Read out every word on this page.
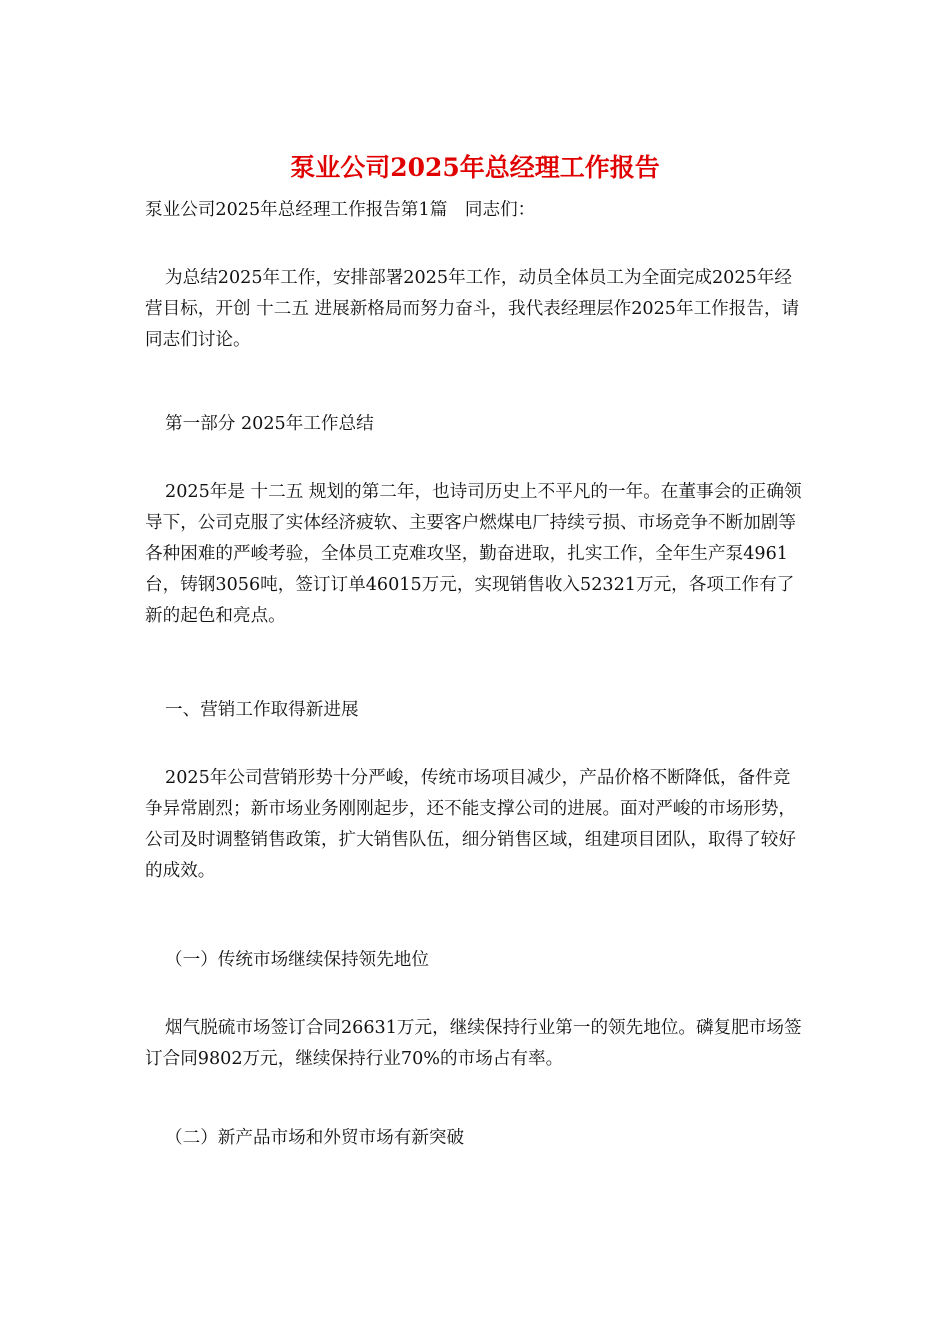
泵业公司2025年总经理工作报告
泵业公司2025年总经理工作报告第1篇　同志们：
为总结2025年工作，安排部署2025年工作，动员全体员工为全面完成2025年经营目标，开创 十二五 进展新格局而努力奋斗，我代表经理层作2025年工作报告，请同志们讨论。
第一部分 2025年工作总结
2025年是 十二五 规划的第二年，也诗司历史上不平凡的一年。在董事会的正确领导下，公司克服了实体经济疲软、主要客户燃煤电厂持续亏损、市场竞争不断加剧等各种困难的严峻考验，全体员工克难攻坚，勤奋进取，扎实工作，全年生产泵4961台，铸钢3056吨，签订订单46015万元，实现销售收入52321万元，各项工作有了新的起色和亮点。
一、营销工作取得新进展
2025年公司营销形势十分严峻，传统市场项目减少，产品价格不断降低，备件竞争异常剧烈；新市场业务刚刚起步，还不能支撑公司的进展。面对严峻的市场形势，公司及时调整销售政策，扩大销售队伍，细分销售区域，组建项目团队，取得了较好的成效。
（一）传统市场继续保持领先地位
烟气脱硫市场签订合同26631万元，继续保持行业第一的领先地位。磷复肥市场签订合同9802万元，继续保持行业70%的市场占有率。
（二）新产品市场和外贸市场有新突破
